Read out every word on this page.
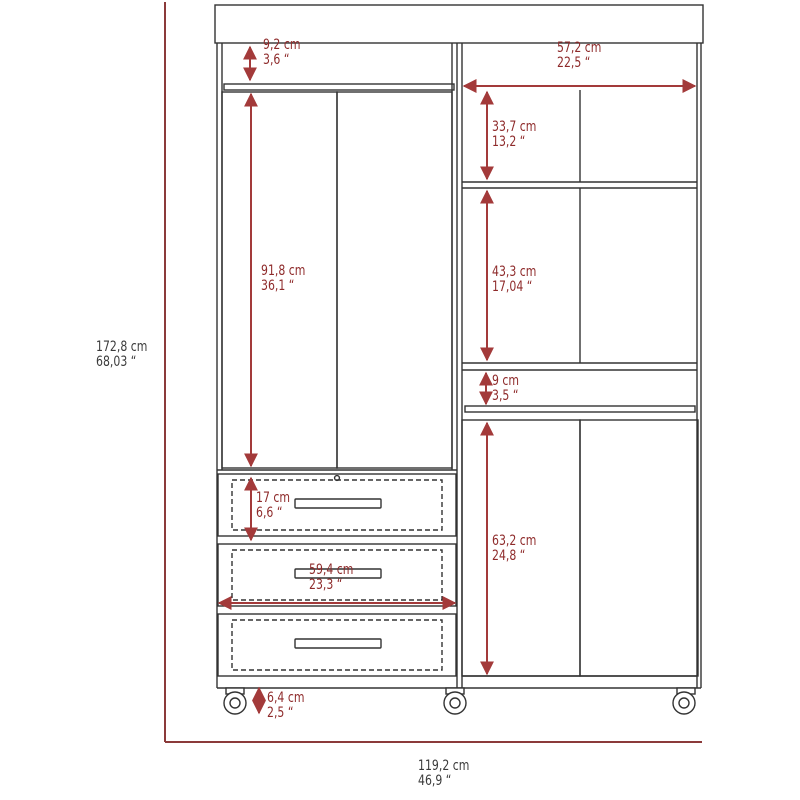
9,2 cm
3,6 “
91,8 cm
36,1 “
17 cm
6,6 “
59,4 cm
23,3 “
6,4 cm
2,5 “
57,2 cm
22,5 “
33,7 cm
13,2 “
43,3 cm
17,04 “
9 cm
3,5 “
63,2 cm
24,8 “
172,8 cm
68,03 “
119,2 cm
46,9 “
